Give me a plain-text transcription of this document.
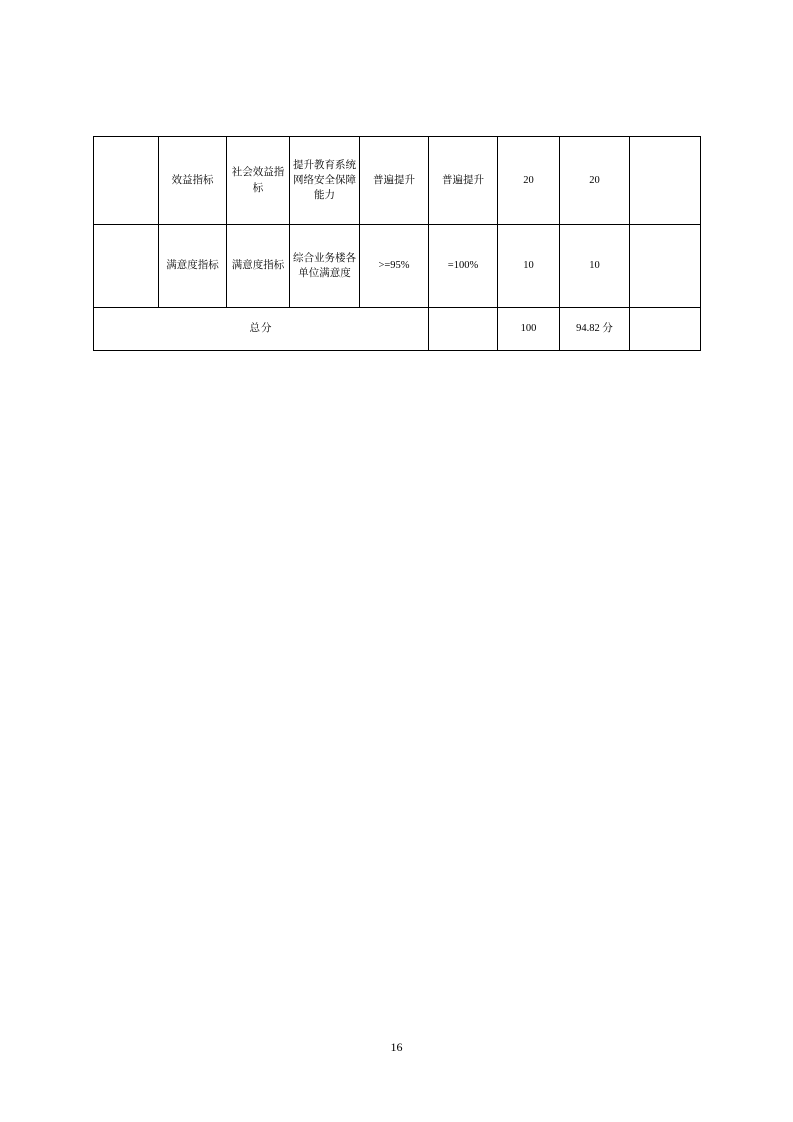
	效益指标	社会效益指标	提升教育系统网络安全保障能力	普遍提升	普遍提升	20	20	
	满意度指标	满意度指标	综合业务楼各单位满意度	>=95%	=100%	10	10	
总分						100	94.82 分	
16
